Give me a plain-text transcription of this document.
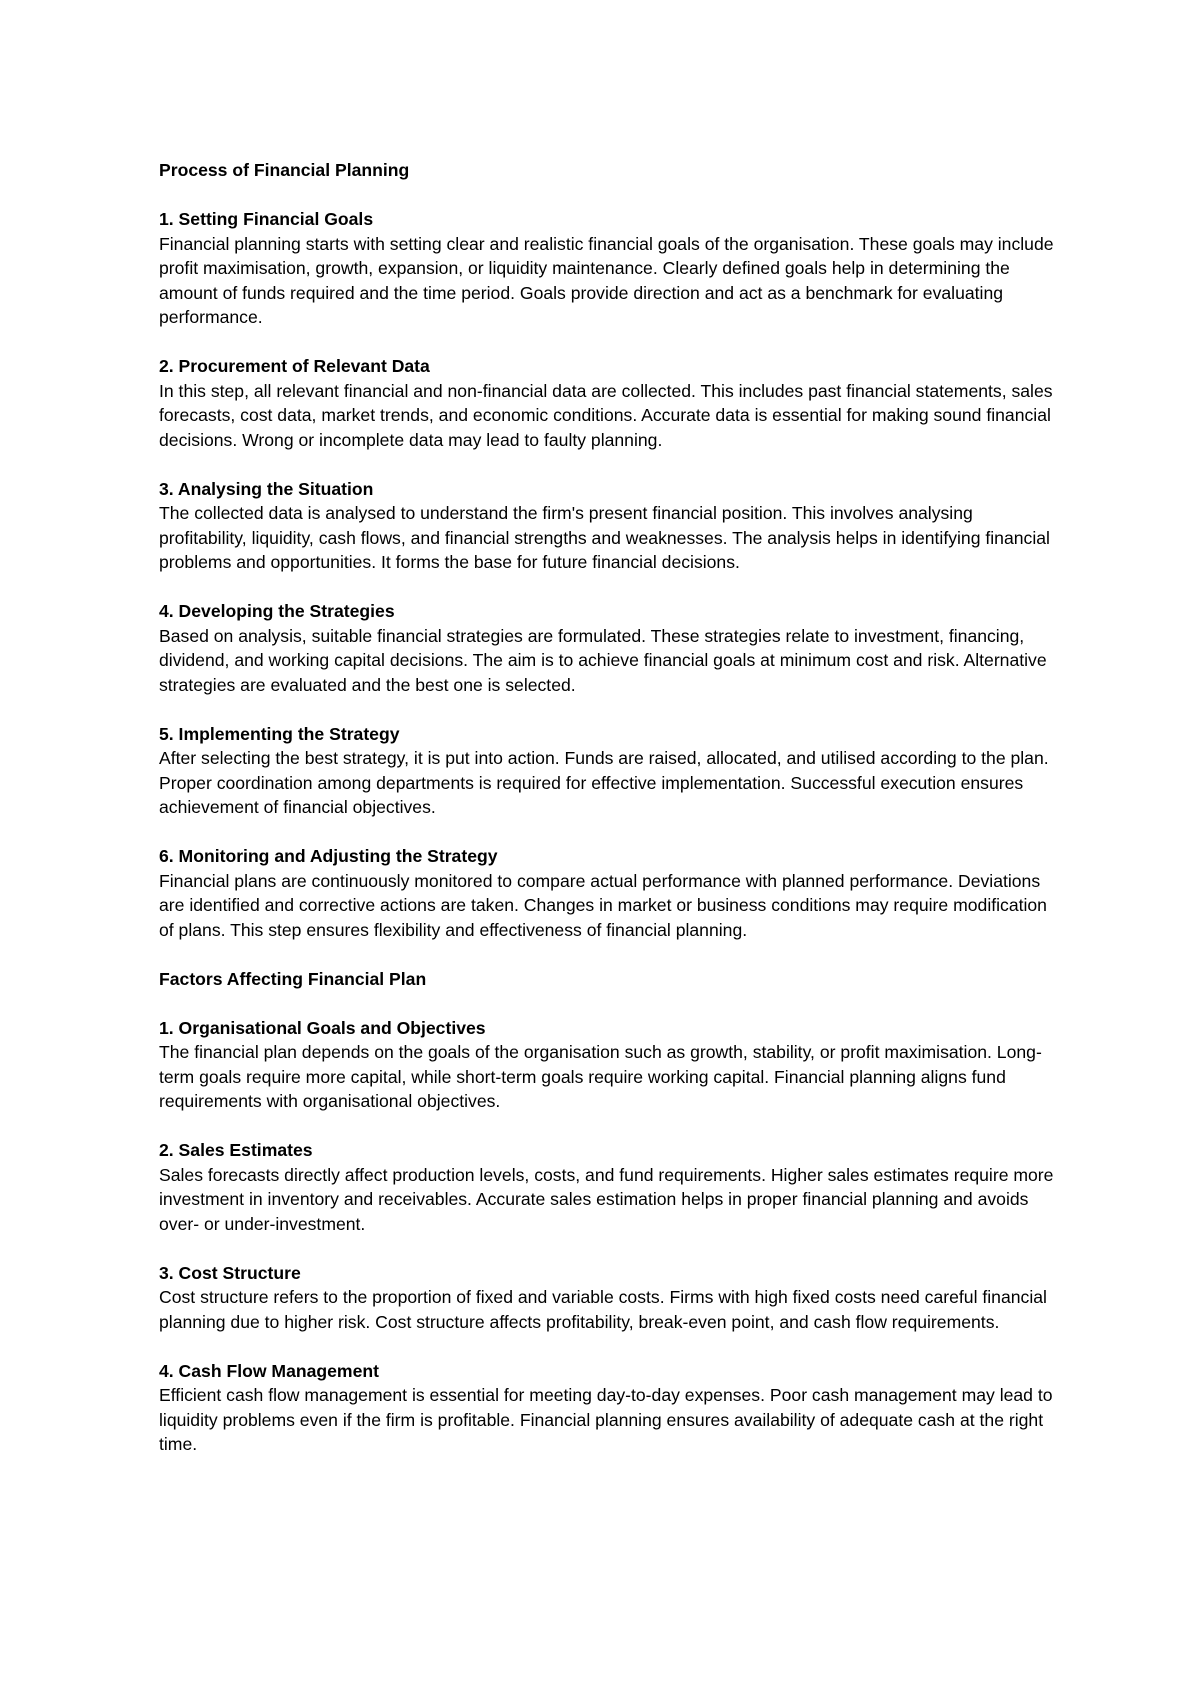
Process of Financial Planning
1. Setting Financial Goals
Financial planning starts with setting clear and realistic financial goals of the organisation. These goals may include profit maximisation, growth, expansion, or liquidity maintenance. Clearly defined goals help in determining the amount of funds required and the time period. Goals provide direction and act as a benchmark for evaluating performance.
2. Procurement of Relevant Data
In this step, all relevant financial and non-financial data are collected. This includes past financial statements, sales forecasts, cost data, market trends, and economic conditions. Accurate data is essential for making sound financial decisions. Wrong or incomplete data may lead to faulty planning.
3. Analysing the Situation
The collected data is analysed to understand the firm's present financial position. This involves analysing profitability, liquidity, cash flows, and financial strengths and weaknesses. The analysis helps in identifying financial problems and opportunities. It forms the base for future financial decisions.
4. Developing the Strategies
Based on analysis, suitable financial strategies are formulated. These strategies relate to investment, financing, dividend, and working capital decisions. The aim is to achieve financial goals at minimum cost and risk. Alternative strategies are evaluated and the best one is selected.
5. Implementing the Strategy
After selecting the best strategy, it is put into action. Funds are raised, allocated, and utilised according to the plan. Proper coordination among departments is required for effective implementation. Successful execution ensures achievement of financial objectives.
6. Monitoring and Adjusting the Strategy
Financial plans are continuously monitored to compare actual performance with planned performance. Deviations are identified and corrective actions are taken. Changes in market or business conditions may require modification of plans. This step ensures flexibility and effectiveness of financial planning.
Factors Affecting Financial Plan
1. Organisational Goals and Objectives
The financial plan depends on the goals of the organisation such as growth, stability, or profit maximisation. Long-term goals require more capital, while short-term goals require working capital. Financial planning aligns fund requirements with organisational objectives.
2. Sales Estimates
Sales forecasts directly affect production levels, costs, and fund requirements. Higher sales estimates require more investment in inventory and receivables. Accurate sales estimation helps in proper financial planning and avoids over- or under-investment.
3. Cost Structure
Cost structure refers to the proportion of fixed and variable costs. Firms with high fixed costs need careful financial planning due to higher risk. Cost structure affects profitability, break-even point, and cash flow requirements.
4. Cash Flow Management
Efficient cash flow management is essential for meeting day-to-day expenses. Poor cash management may lead to liquidity problems even if the firm is profitable. Financial planning ensures availability of adequate cash at the right time.
